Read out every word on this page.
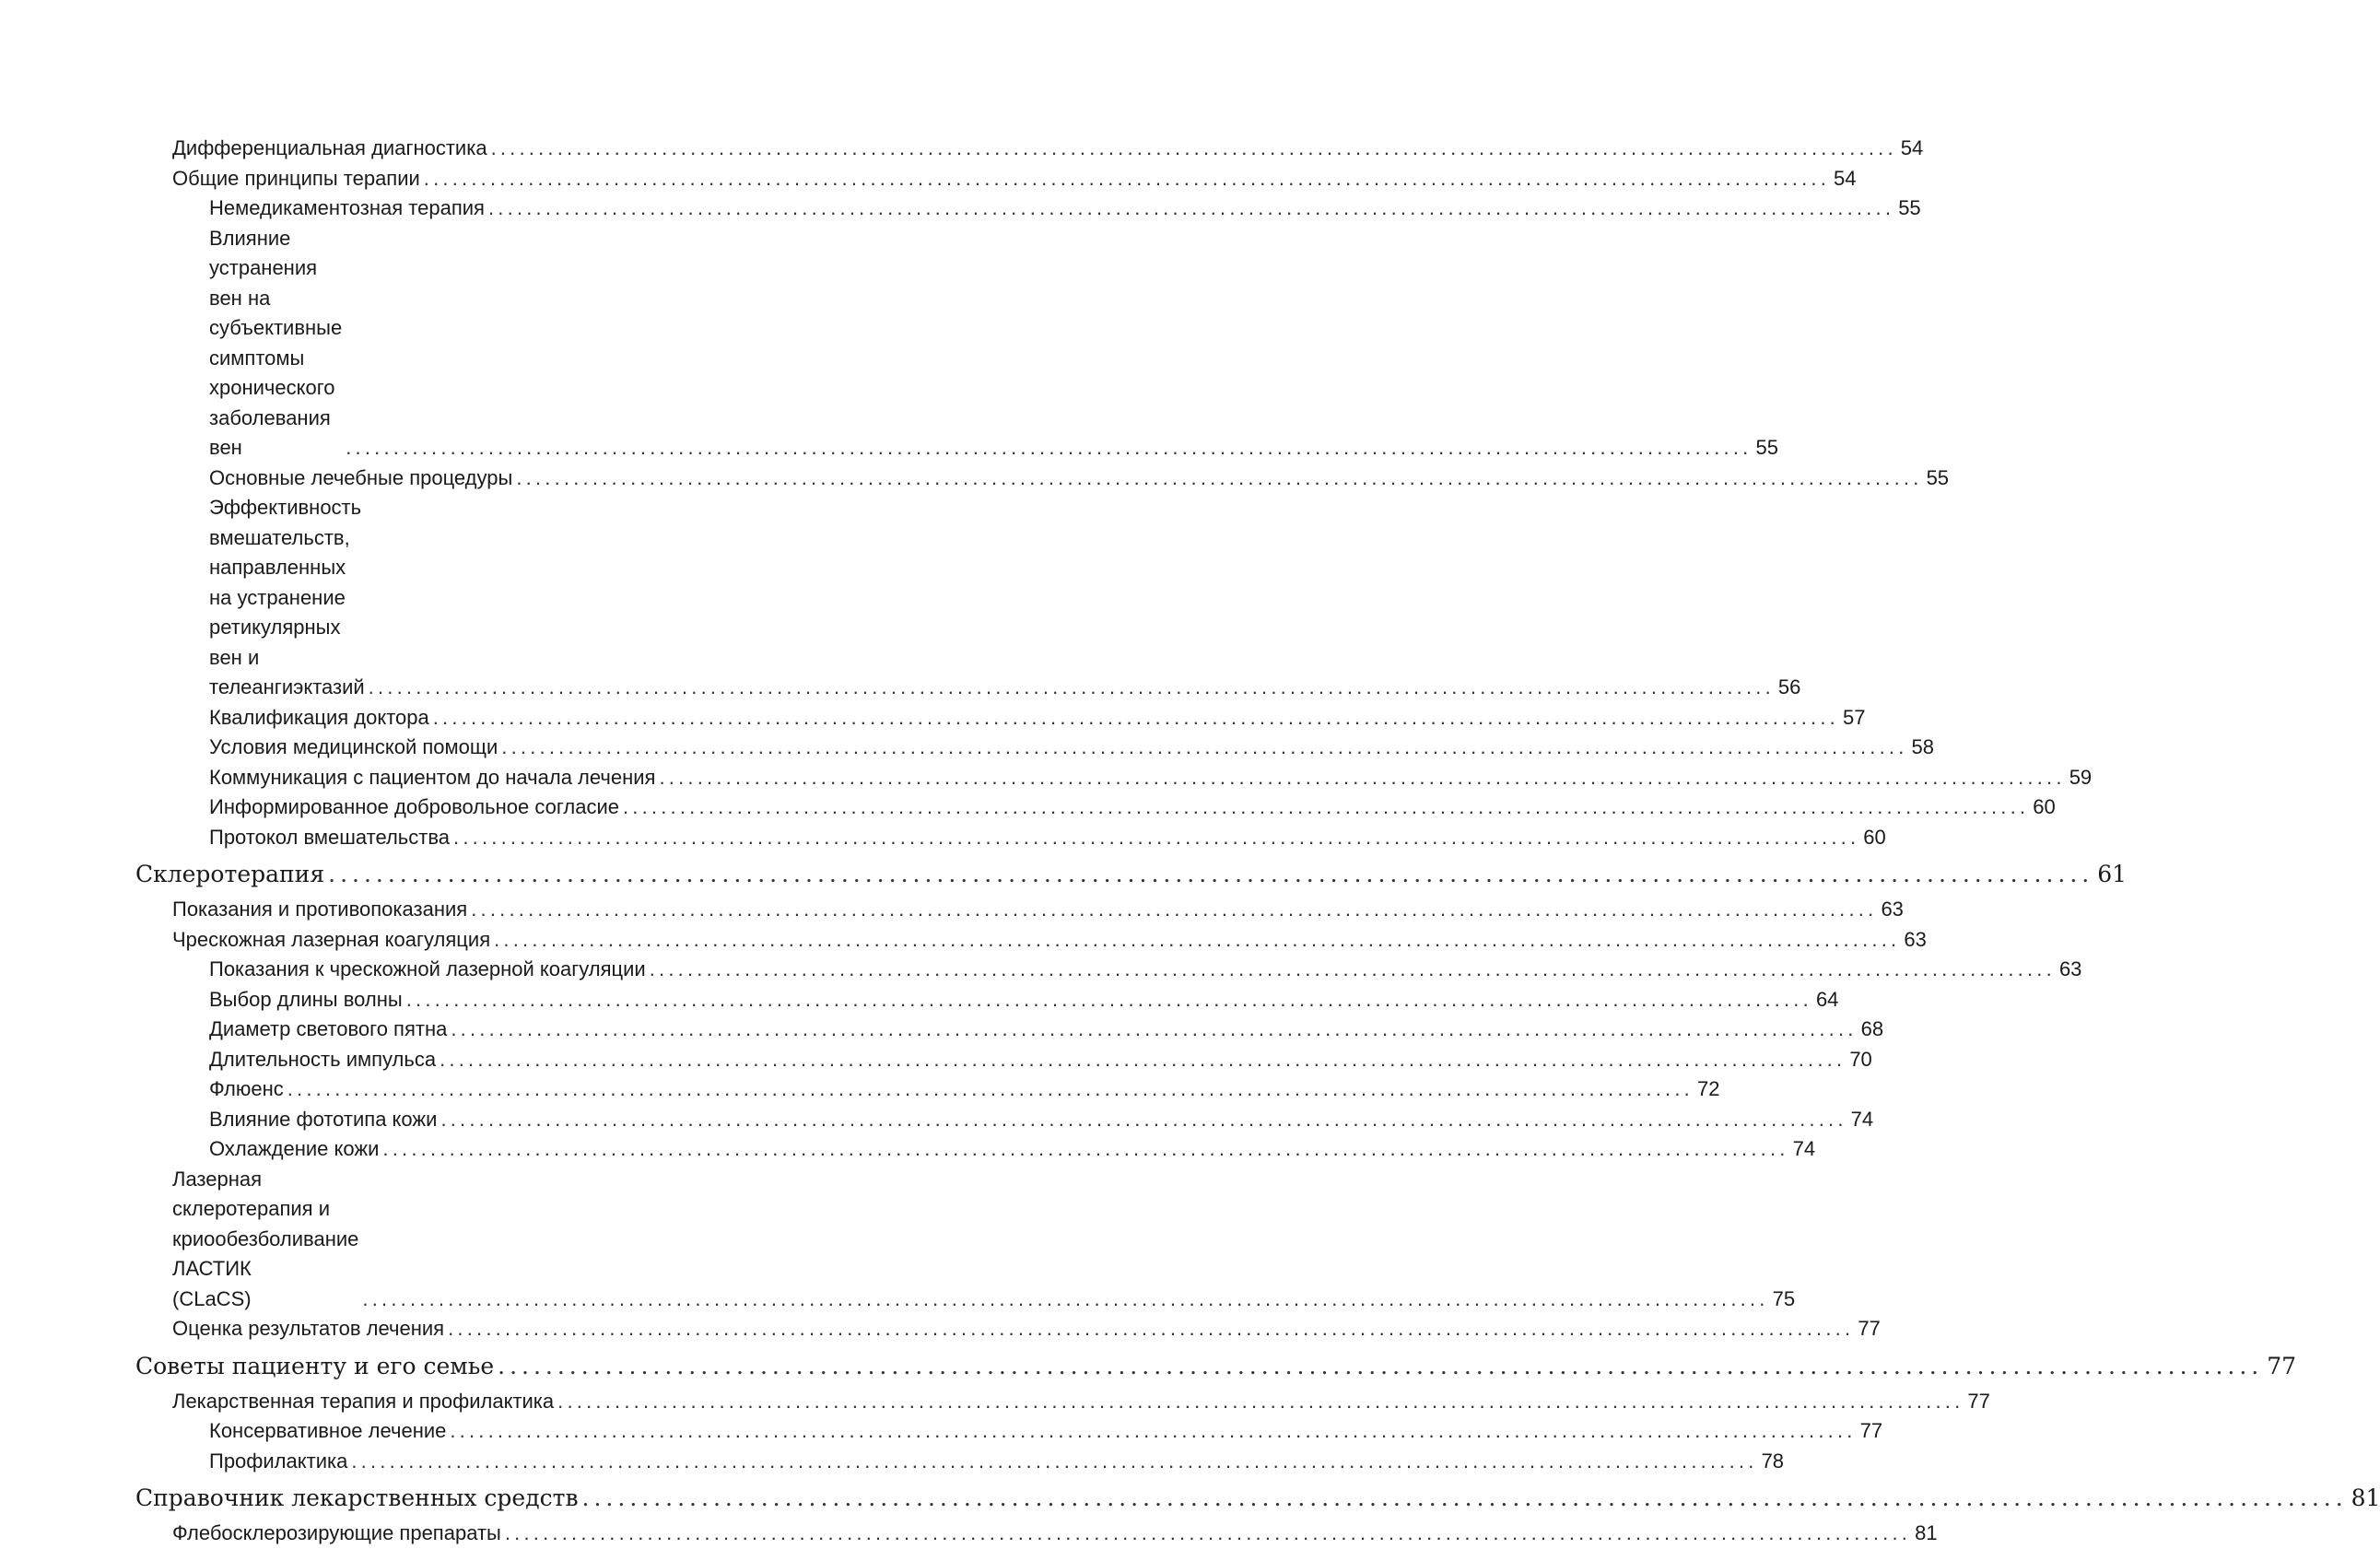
Дифференциальная диагностика .................................................................................................................................................... 54
Общие принципы терапии .................................................................................................................................................... 54
Немедикаментозная терапия .................................................................................................................................................... 55
Влияние устранения вен на субъективные
симптомы хронического заболевания вен	.................................................................................................................................................... 55
Основные лечебные процедуры .................................................................................................................................................... 55
Эффективность вмешательств, направленных
на устранение ретикулярных вен и телеангиэктазий .................................................................................................................................................... 56
Квалификация доктора .................................................................................................................................................... 57
Условия медицинской помощи .................................................................................................................................................... 58
Коммуникация с пациентом до начала лечения .................................................................................................................................................... 59
Информированное добровольное согласие .................................................................................................................................................... 60
Протокол вмешательства .................................................................................................................................................... 60
Склеротерапия .................................................................................................................................................... 61
Показания и противопоказания .................................................................................................................................................... 63
Чрескожная лазерная коагуляция .................................................................................................................................................... 63
Показания к чрескожной лазерной коагуляции .................................................................................................................................................... 63
Выбор длины волны .................................................................................................................................................... 64
Диаметр светового пятна .................................................................................................................................................... 68
Длительность импульса .................................................................................................................................................... 70
Флюенс .................................................................................................................................................... 72
Влияние фототипа кожи .................................................................................................................................................... 74
Охлаждение кожи .................................................................................................................................................... 74
Лазерная склеротерапия и криообезболивание ЛАСТИК
(CLaCS)	.................................................................................................................................................... 75
Оценка результатов лечения .................................................................................................................................................... 77
Советы пациенту и его семье .................................................................................................................................................... 77
Лекарственная терапия и профилактика .................................................................................................................................................... 77
Консервативное лечение .................................................................................................................................................... 77
Профилактика .................................................................................................................................................... 78
Справочник лекарственных средств .................................................................................................................................................... 81
Флебосклерозирующие препараты .................................................................................................................................................... 81
